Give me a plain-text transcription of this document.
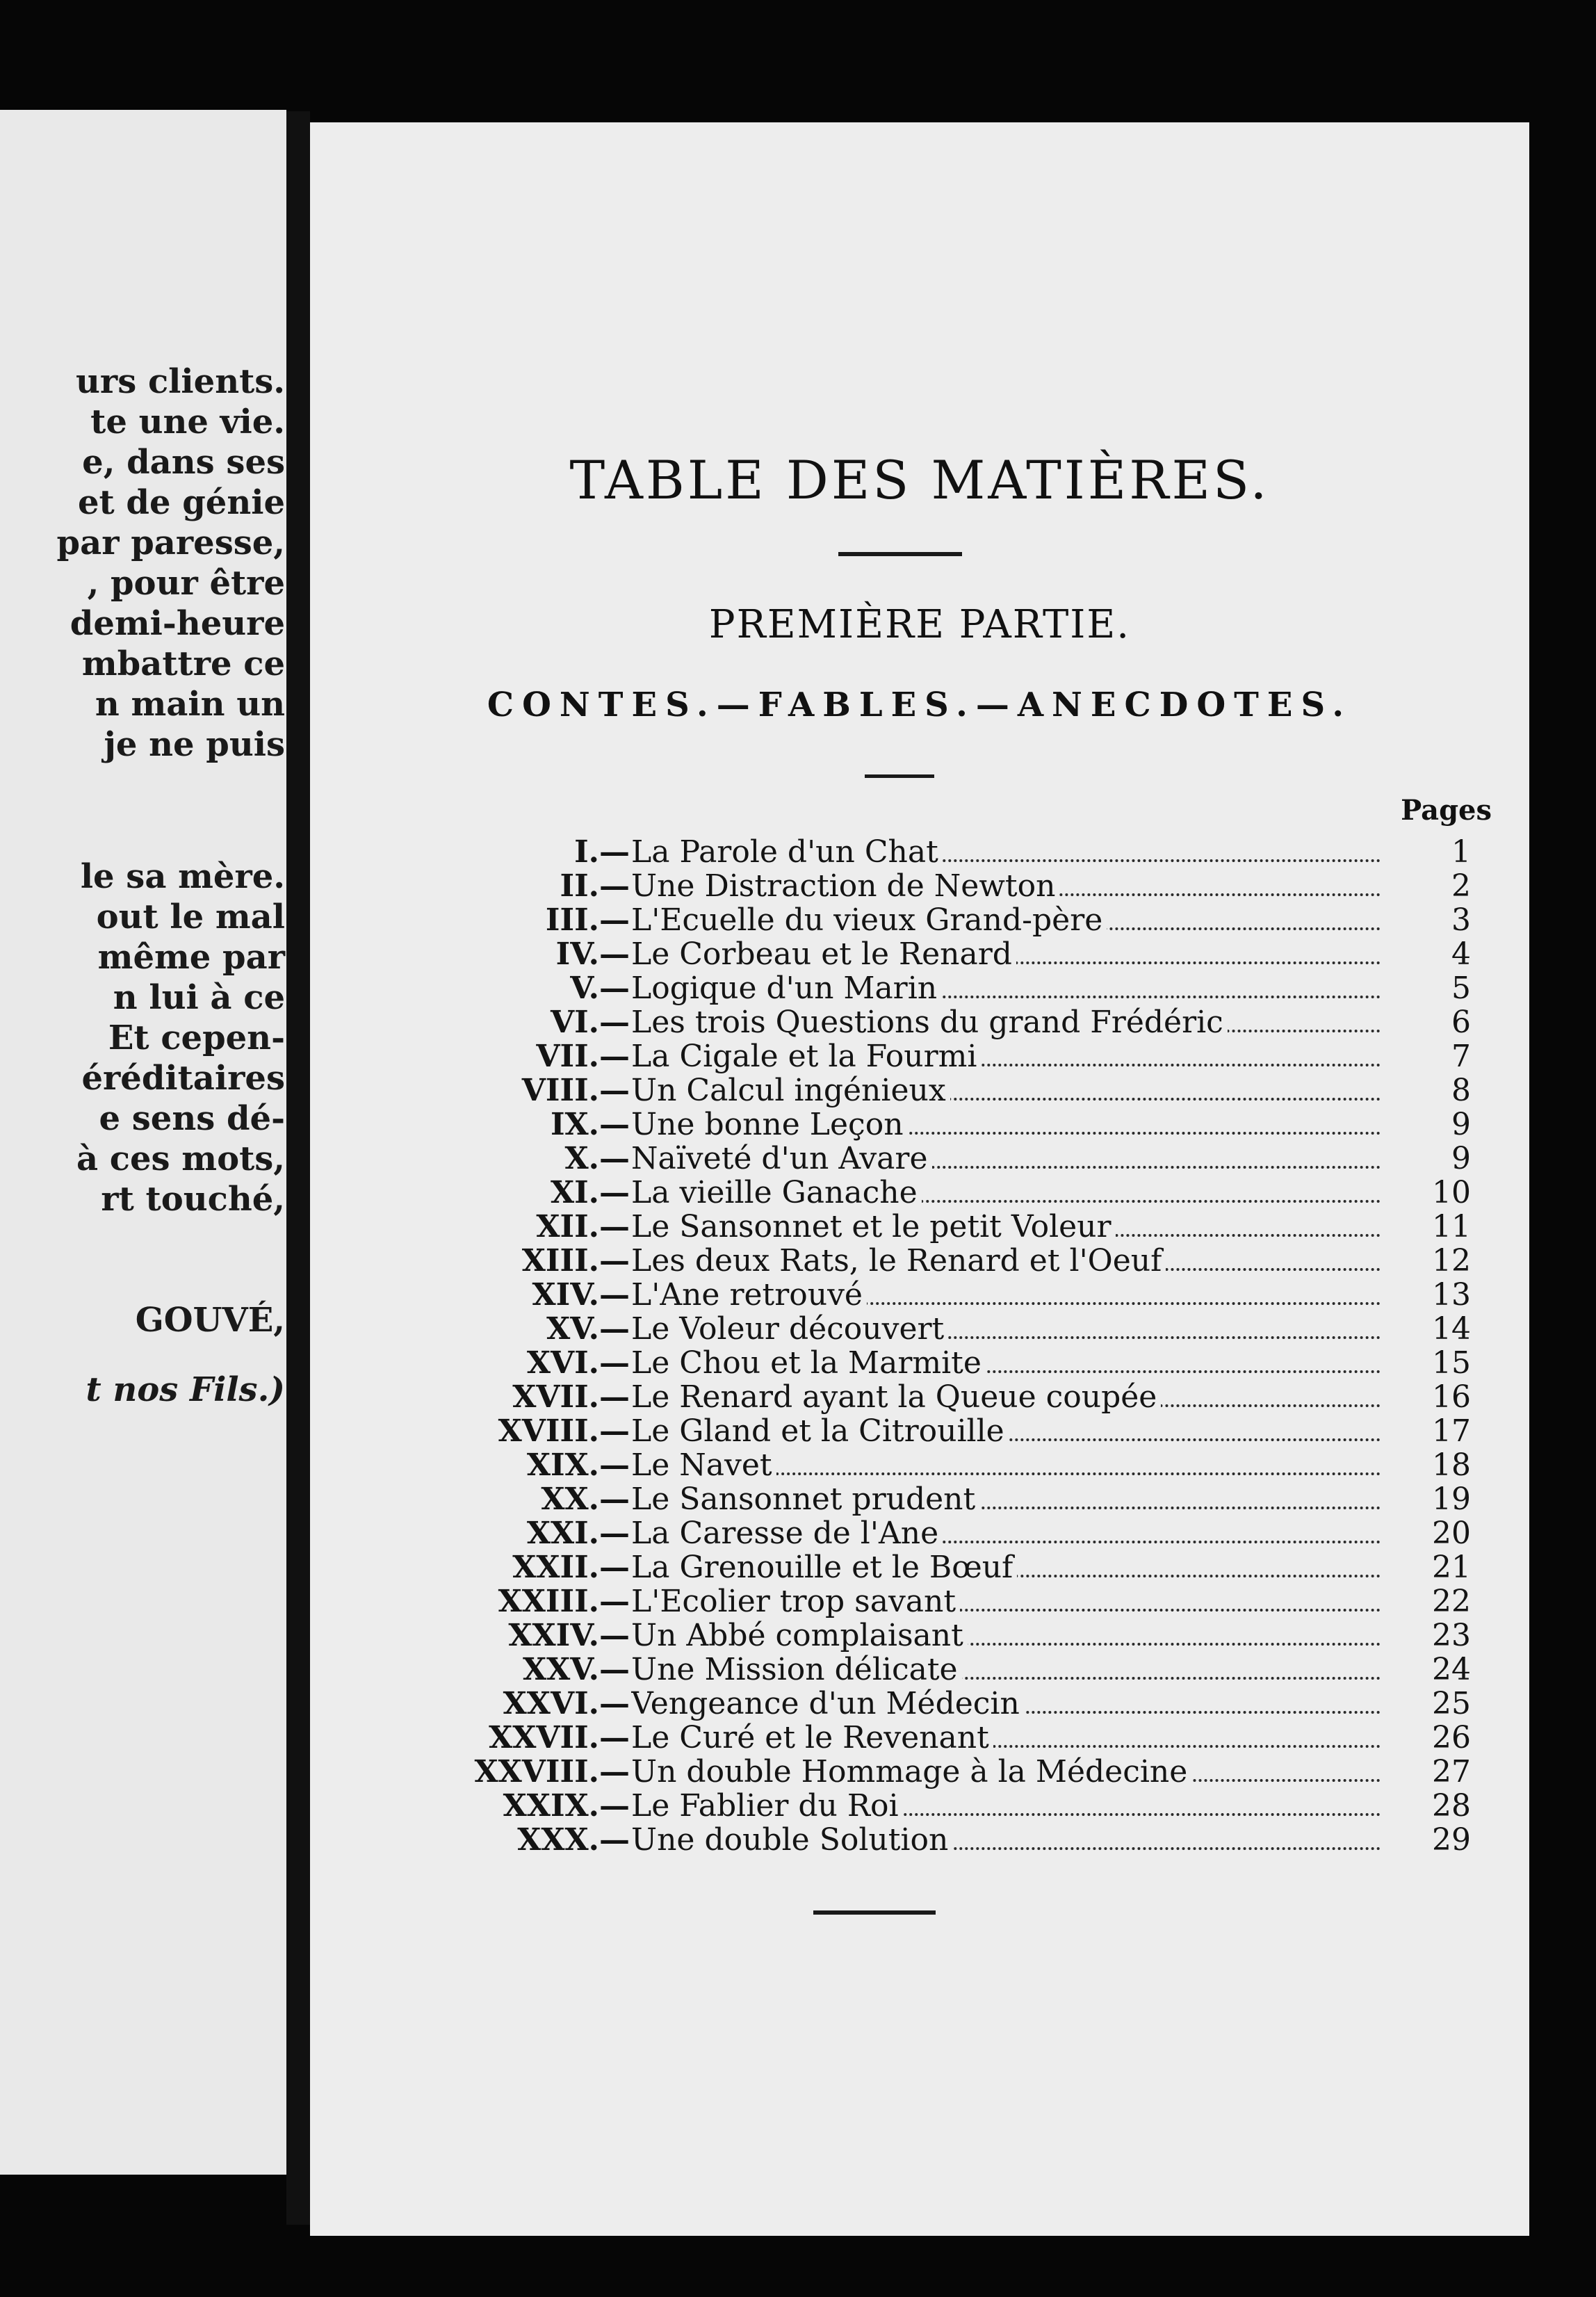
urs clients.
te une vie.
e, dans ses
et de génie
par paresse,
, pour être
demi-heure
mbattre ce
n main un
je ne puis
le sa mère.
out le mal
même par
n lui à ce
Et cepen-
éréditaires
e sens dé-
à ces mots,
rt touché,
GOUVÉ,
t nos Fils.)
TABLE DES MATIÈRES.
PREMIÈRE PARTIE.
CONTES.—FABLES.—ANECDOTES.
Pages
I.— La Parole d'un Chat	1
II.— Une Distraction de Newton	2
III.— L'Ecuelle du vieux Grand-père	3
IV.— Le Corbeau et le Renard	4
V.— Logique d'un Marin	5
VI.— Les trois Questions du grand Frédéric	6
VII.— La Cigale et la Fourmi	7
VIII.— Un Calcul ingénieux	8
IX.— Une bonne Leçon	9
X.— Naïveté d'un Avare	9
XI.— La vieille Ganache	10
XII.— Le Sansonnet et le petit Voleur	11
XIII.— Les deux Rats, le Renard et l'Oeuf	12
XIV.— L'Ane retrouvé	13
XV.— Le Voleur découvert	14
XVI.— Le Chou et la Marmite	15
XVII.— Le Renard ayant la Queue coupée	16
XVIII.— Le Gland et la Citrouille	17
XIX.— Le Navet	18
XX.— Le Sansonnet prudent	19
XXI.— La Caresse de l'Ane	20
XXII.— La Grenouille et le Bœuf	21
XXIII.— L'Ecolier trop savant	22
XXIV.— Un Abbé complaisant	23
XXV.— Une Mission délicate	24
XXVI.— Vengeance d'un Médecin	25
XXVII.— Le Curé et le Revenant	26
XXVIII.— Un double Hommage à la Médecine	27
XXIX.— Le Fablier du Roi	28
XXX.— Une double Solution	29
